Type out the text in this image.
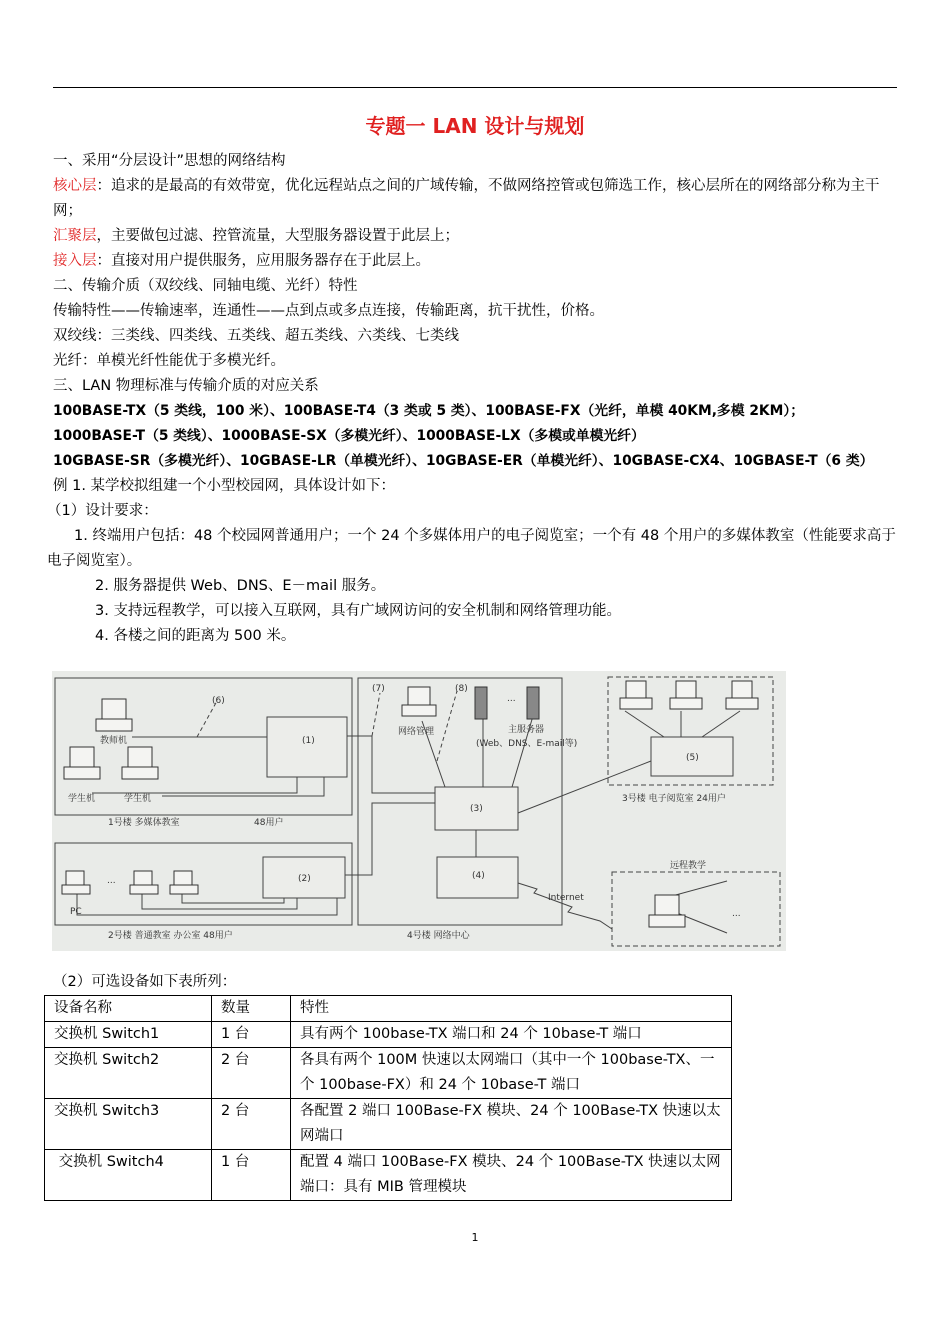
专题一 LAN 设计与规划

一、采用“分层设计”思想的网络结构

核心层：追求的是最高的有效带宽，优化远程站点之间的广域传输，不做网络控管或包筛选工作，核心层所在的网络部分称为主干网；

汇聚层，主要做包过滤、控管流量，大型服务器设置于此层上；

接入层：直接对用户提供服务，应用服务器存在于此层上。

二、传输介质（双绞线、同轴电缆、光纤）特性

传输特性——传输速率，连通性——点到点或多点连接，传输距离，抗干扰性，价格。

双绞线：三类线、四类线、五类线、超五类线、六类线、七类线

光纤：单模光纤性能优于多模光纤。

三、LAN 物理标准与传输介质的对应关系

100BASE-TX（5 类线，100 米）、100BASE-T4（3 类或 5 类）、100BASE-FX（光纤，单模 40KM,多模 2KM）；

1000BASE-T（5 类线）、1000BASE-SX（多模光纤）、1000BASE-LX（多模或单模光纤）

10GBASE-SR（多模光纤）、10GBASE-LR（单模光纤）、10GBASE-ER（单模光纤）、10GBASE-CX4、10GBASE-T（6 类）

例 1. 某学校拟组建一个小型校园网，具体设计如下：

（1）设计要求：

1. 终端用户包括：48 个校园网普通用户；一个 24 个多媒体用户的电子阅览室；一个有 48 个用户的多媒体教室（性能要求高于电子阅览室）。

2. 服务器提供 Web、DNS、E－mail 服务。

3. 支持远程教学，可以接入互联网，具有广域网访问的安全机制和网络管理功能。

4. 各楼之间的距离为 500 米。

(1)
(2)
(3)
(4)
(5)
(6)
(7)	(8)
教师机
学生机	学生机
PC
...
...
...
网络管理	主服务器
(Web、DNS、E-mail等)
1号楼 多媒体教室	48用户
2号楼 普通教室 办公室 48用户
3号楼 电子阅览室 24用户
4号楼 网络中心
远程教学
Internet
（2）可选设备如下表所列：
设备名称	数量	特性
交换机 Switch1	1 台	具有两个 100base-TX 端口和 24 个 10base-T 端口
交换机 Switch2	2 台	各具有两个 100M 快速以太网端口（其中一个 100base-TX、一个 100base-FX）和 24 个 10base-T 端口
交换机 Switch3	2 台	各配置 2 端口 100Base-FX 模块、24 个 100Base-TX 快速以太网端口
交换机 Switch4	1 台	配置 4 端口 100Base-FX 模块、24 个 100Base-TX 快速以太网端口：具有 MIB 管理模块
1
